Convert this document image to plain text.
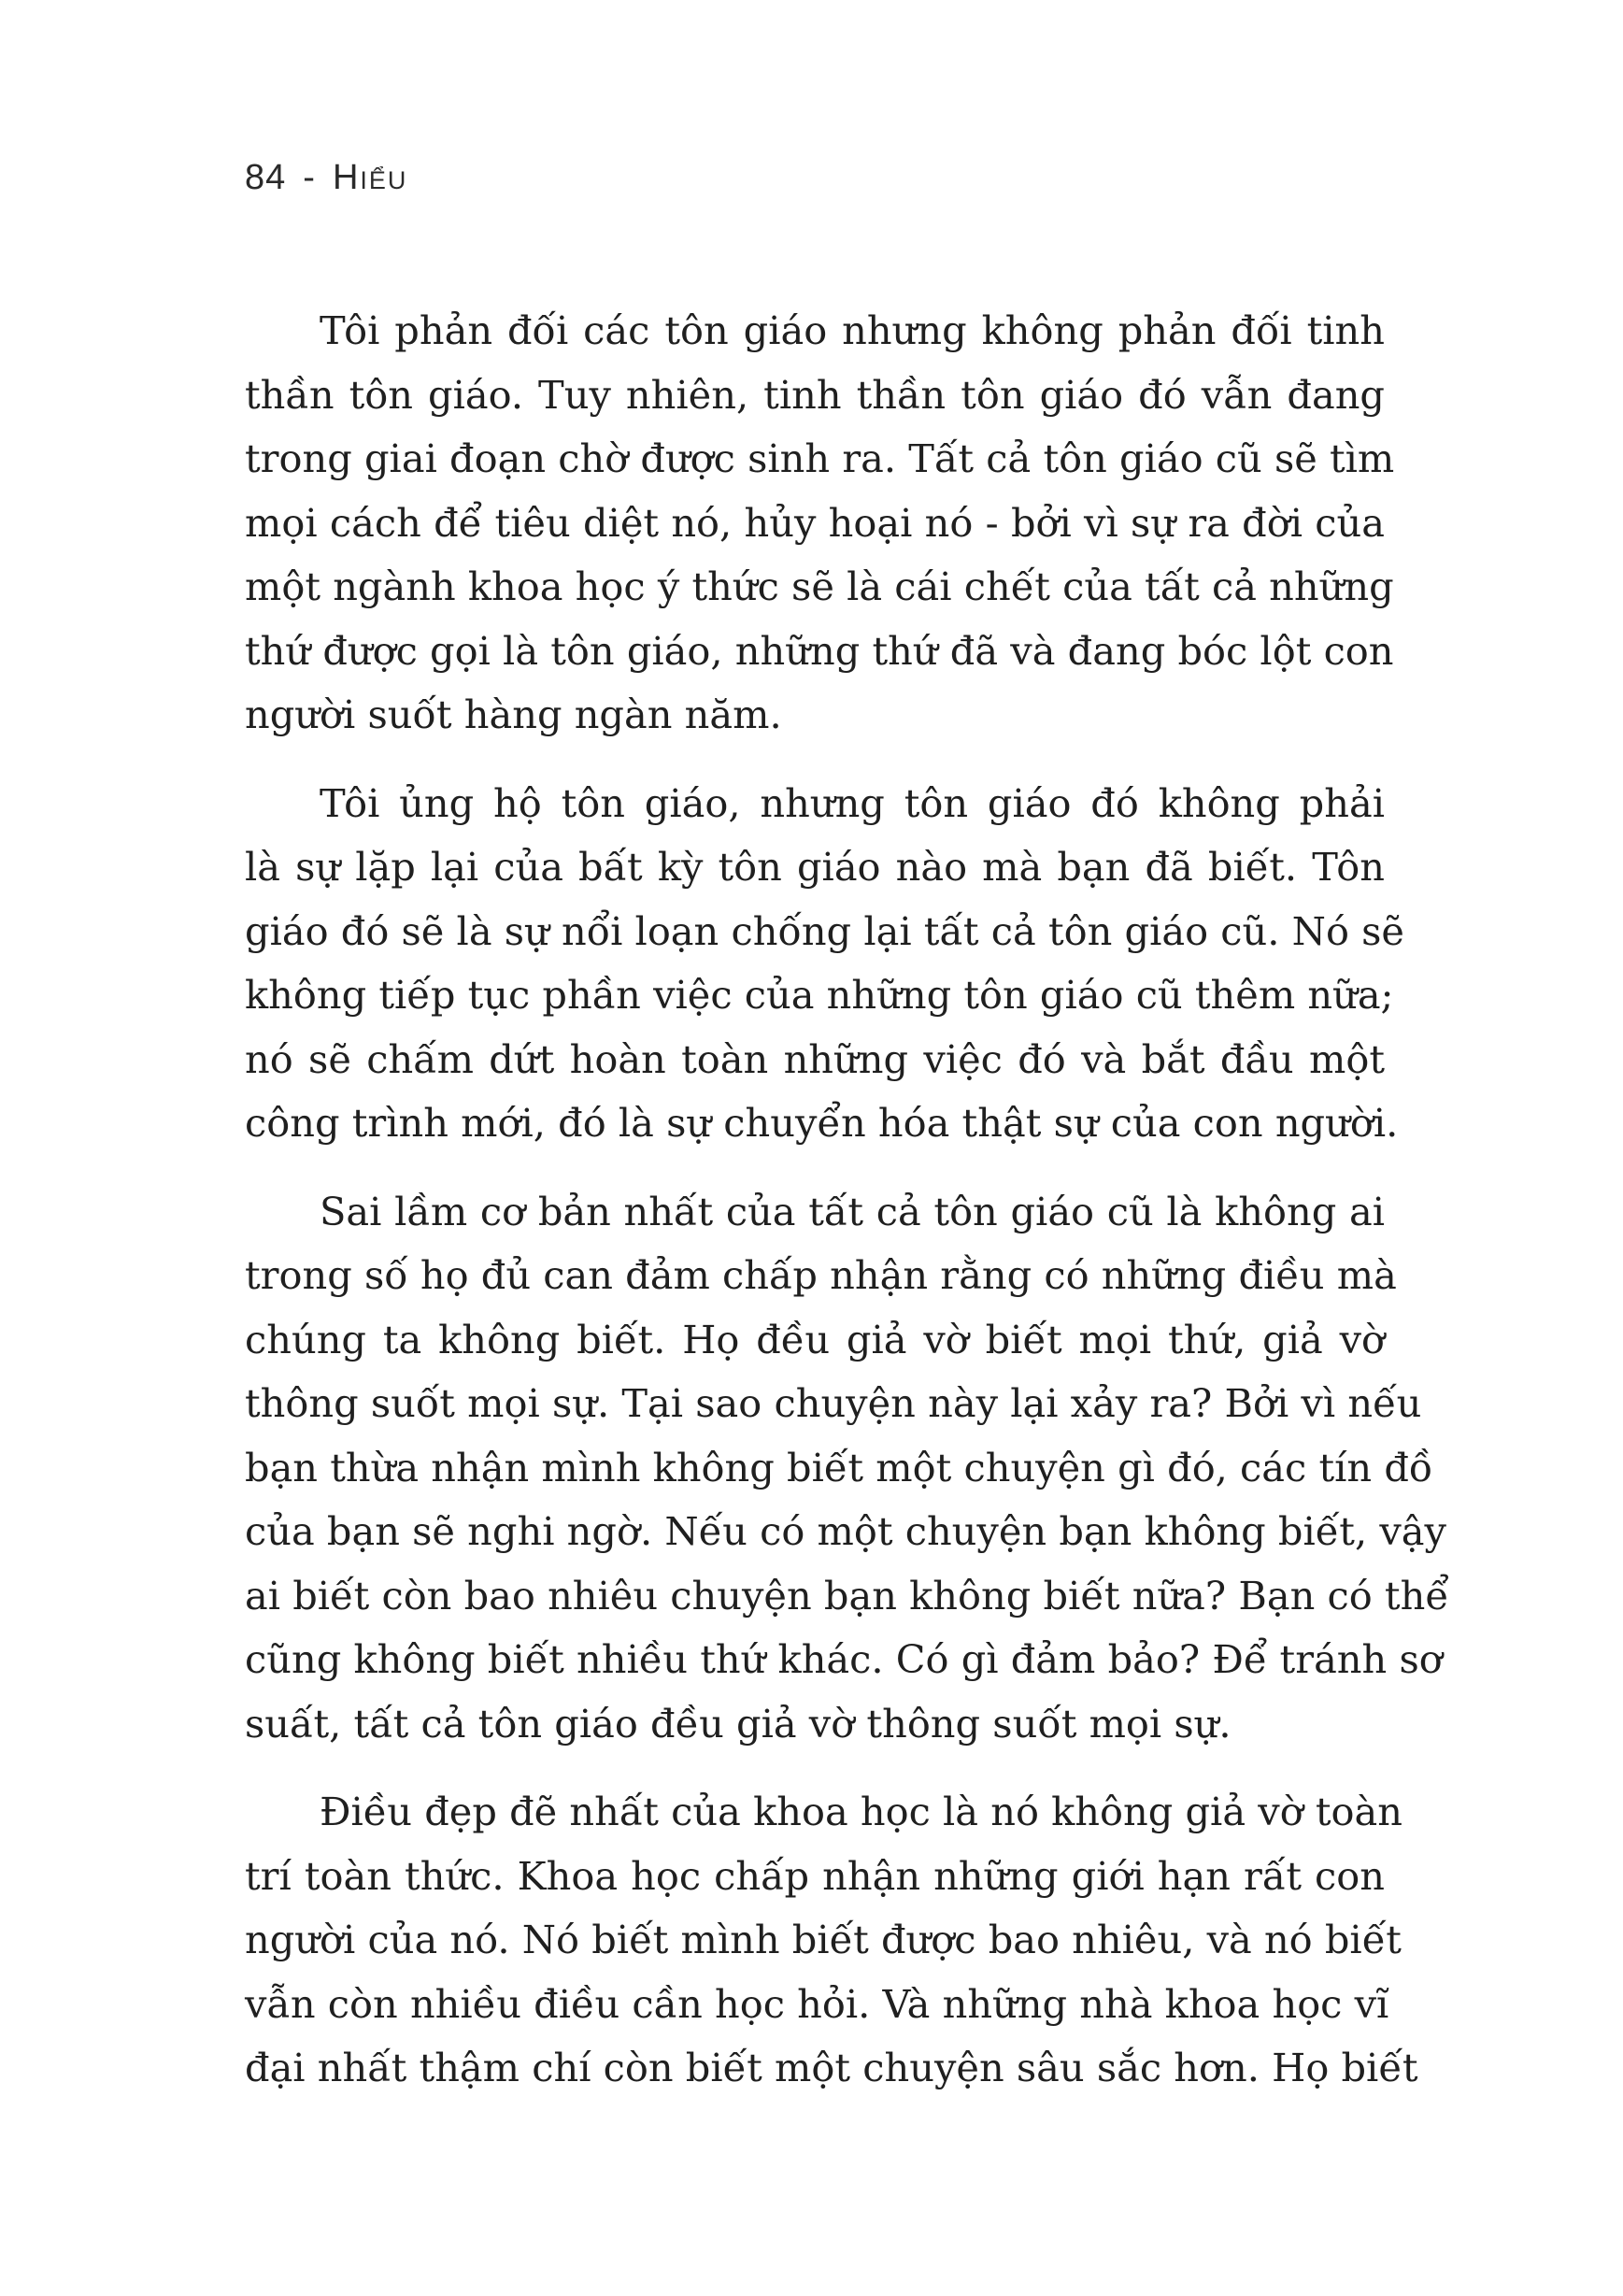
84 - Hiểu

Tôi phản đối các tôn giáo nhưng không phản đối tinh
thần tôn giáo. Tuy nhiên, tinh thần tôn giáo đó vẫn đang
trong giai đoạn chờ được sinh ra. Tất cả tôn giáo cũ sẽ tìm
mọi cách để tiêu diệt nó, hủy hoại nó - bởi vì sự ra đời của
một ngành khoa học ý thức sẽ là cái chết của tất cả những
thứ được gọi là tôn giáo, những thứ đã và đang bóc lột con
người suốt hàng ngàn năm.

Tôi ủng hộ tôn giáo, nhưng tôn giáo đó không phải
là sự lặp lại của bất kỳ tôn giáo nào mà bạn đã biết. Tôn
giáo đó sẽ là sự nổi loạn chống lại tất cả tôn giáo cũ. Nó sẽ
không tiếp tục phần việc của những tôn giáo cũ thêm nữa;
nó sẽ chấm dứt hoàn toàn những việc đó và bắt đầu một
công trình mới, đó là sự chuyển hóa thật sự của con người.

Sai lầm cơ bản nhất của tất cả tôn giáo cũ là không ai
trong số họ đủ can đảm chấp nhận rằng có những điều mà
chúng ta không biết. Họ đều giả vờ biết mọi thứ, giả vờ
thông suốt mọi sự. Tại sao chuyện này lại xảy ra? Bởi vì nếu
bạn thừa nhận mình không biết một chuyện gì đó, các tín đồ
của bạn sẽ nghi ngờ. Nếu có một chuyện bạn không biết, vậy
ai biết còn bao nhiêu chuyện bạn không biết nữa? Bạn có thể
cũng không biết nhiều thứ khác. Có gì đảm bảo? Để tránh sơ
suất, tất cả tôn giáo đều giả vờ thông suốt mọi sự.

Điều đẹp đẽ nhất của khoa học là nó không giả vờ toàn
trí toàn thức. Khoa học chấp nhận những giới hạn rất con
người của nó. Nó biết mình biết được bao nhiêu, và nó biết
vẫn còn nhiều điều cần học hỏi. Và những nhà khoa học vĩ
đại nhất thậm chí còn biết một chuyện sâu sắc hơn. Họ biết
